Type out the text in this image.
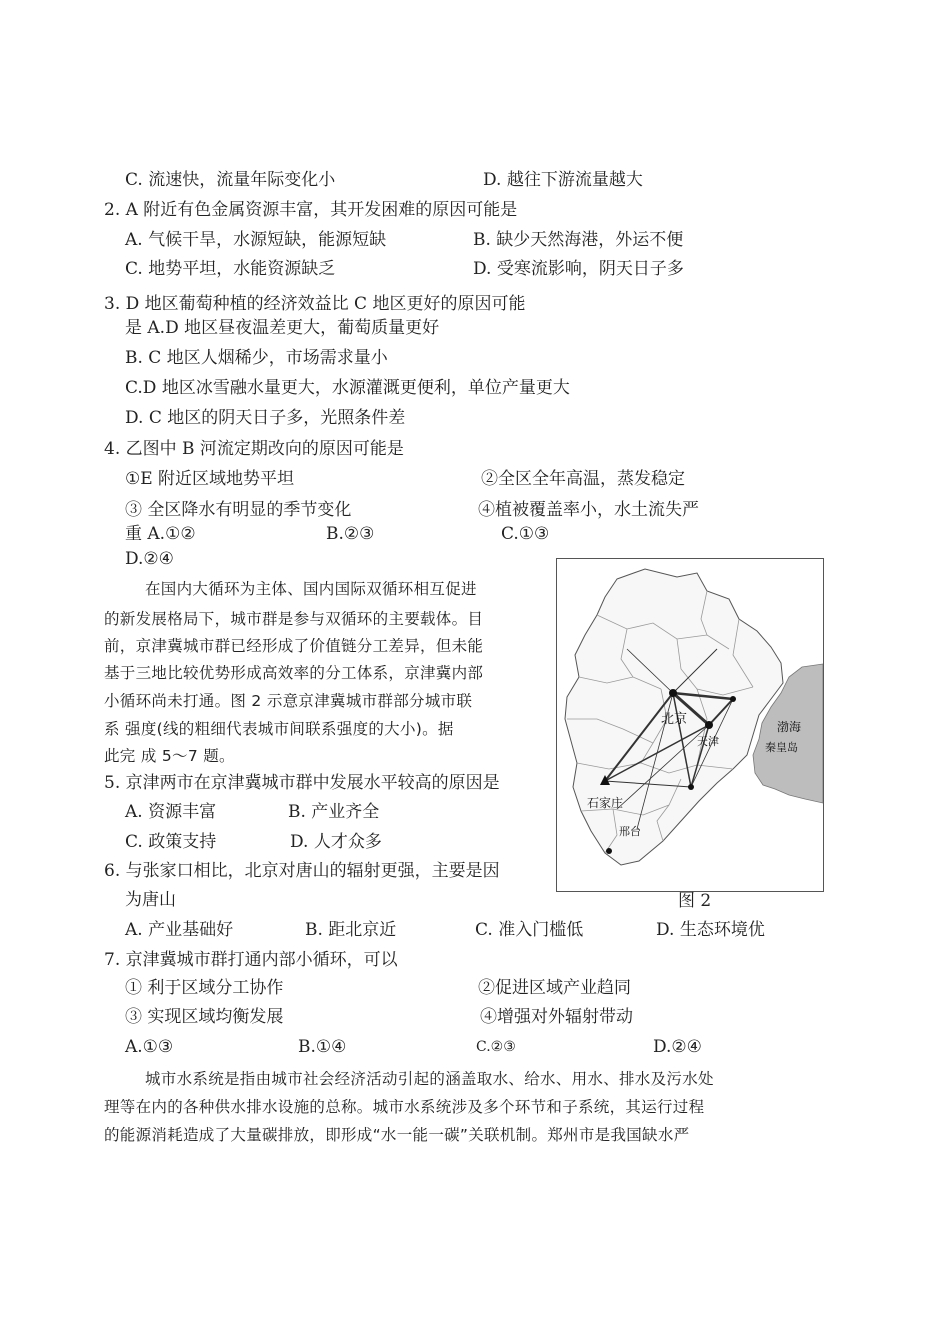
C. 流速快，流量年际变化小	D. 越往下游流量越大
2. A 附近有色金属资源丰富，其开发困难的原因可能是
A. 气候干旱，水源短缺，能源短缺	B. 缺少天然海港，外运不便
C. 地势平坦，水能资源缺乏	D. 受寒流影响，阴天日子多
3. D 地区葡萄种植的经济效益比 C 地区更好的原因可能
是 A.D 地区昼夜温差更大，葡萄质量更好
B. C 地区人烟稀少，市场需求量小
C.D 地区冰雪融水量更大，水源灌溉更便利，单位产量更大
D. C 地区的阴天日子多，光照条件差
4. 乙图中 B 河流定期改向的原因可能是
①E 附近区域地势平坦	②全区全年高温，蒸发稳定
③ 全区降水有明显的季节变化	④植被覆盖率小，水土流失严
重 A.①②	B.②③	C.①③
D.②④
在国内大循环为主体、国内国际双循环相互促进
的新发展格局下，城市群是参与双循环的主要载体。目
前，京津冀城市群已经形成了价值链分工差异，但未能
基于三地比较优势形成高效率的分工体系，京津冀内部
小循环尚未打通。图 2 示意京津冀城市群部分城市联
系 强度(线的粗细代表城市间联系强度的大小)。据
此完 成 5～7 题。
5. 京津两市在京津冀城市群中发展水平较高的原因是
A. 资源丰富	B. 产业齐全
C. 政策支持	D. 人才众多
6. 与张家口相比，北京对唐山的辐射更强，主要是因
为唐山
A. 产业基础好	B. 距北京近	C. 准入门槛低	D. 生态环境优
北京
天津	秦皇岛
石家庄
邢台
渤海
图 2
7. 京津冀城市群打通内部小循环，可以
① 利于区域分工协作	②促进区域产业趋同
③ 实现区域均衡发展	④增强对外辐射带动
A.①③	B.①④	C.②③	D.②④
城市水系统是指由城市社会经济活动引起的涵盖取水、给水、用水、排水及污水处
理等在内的各种供水排水设施的总称。城市水系统涉及多个环节和子系统，其运行过程
的能源消耗造成了大量碳排放，即形成“水一能一碳”关联机制。郑州市是我国缺水严
